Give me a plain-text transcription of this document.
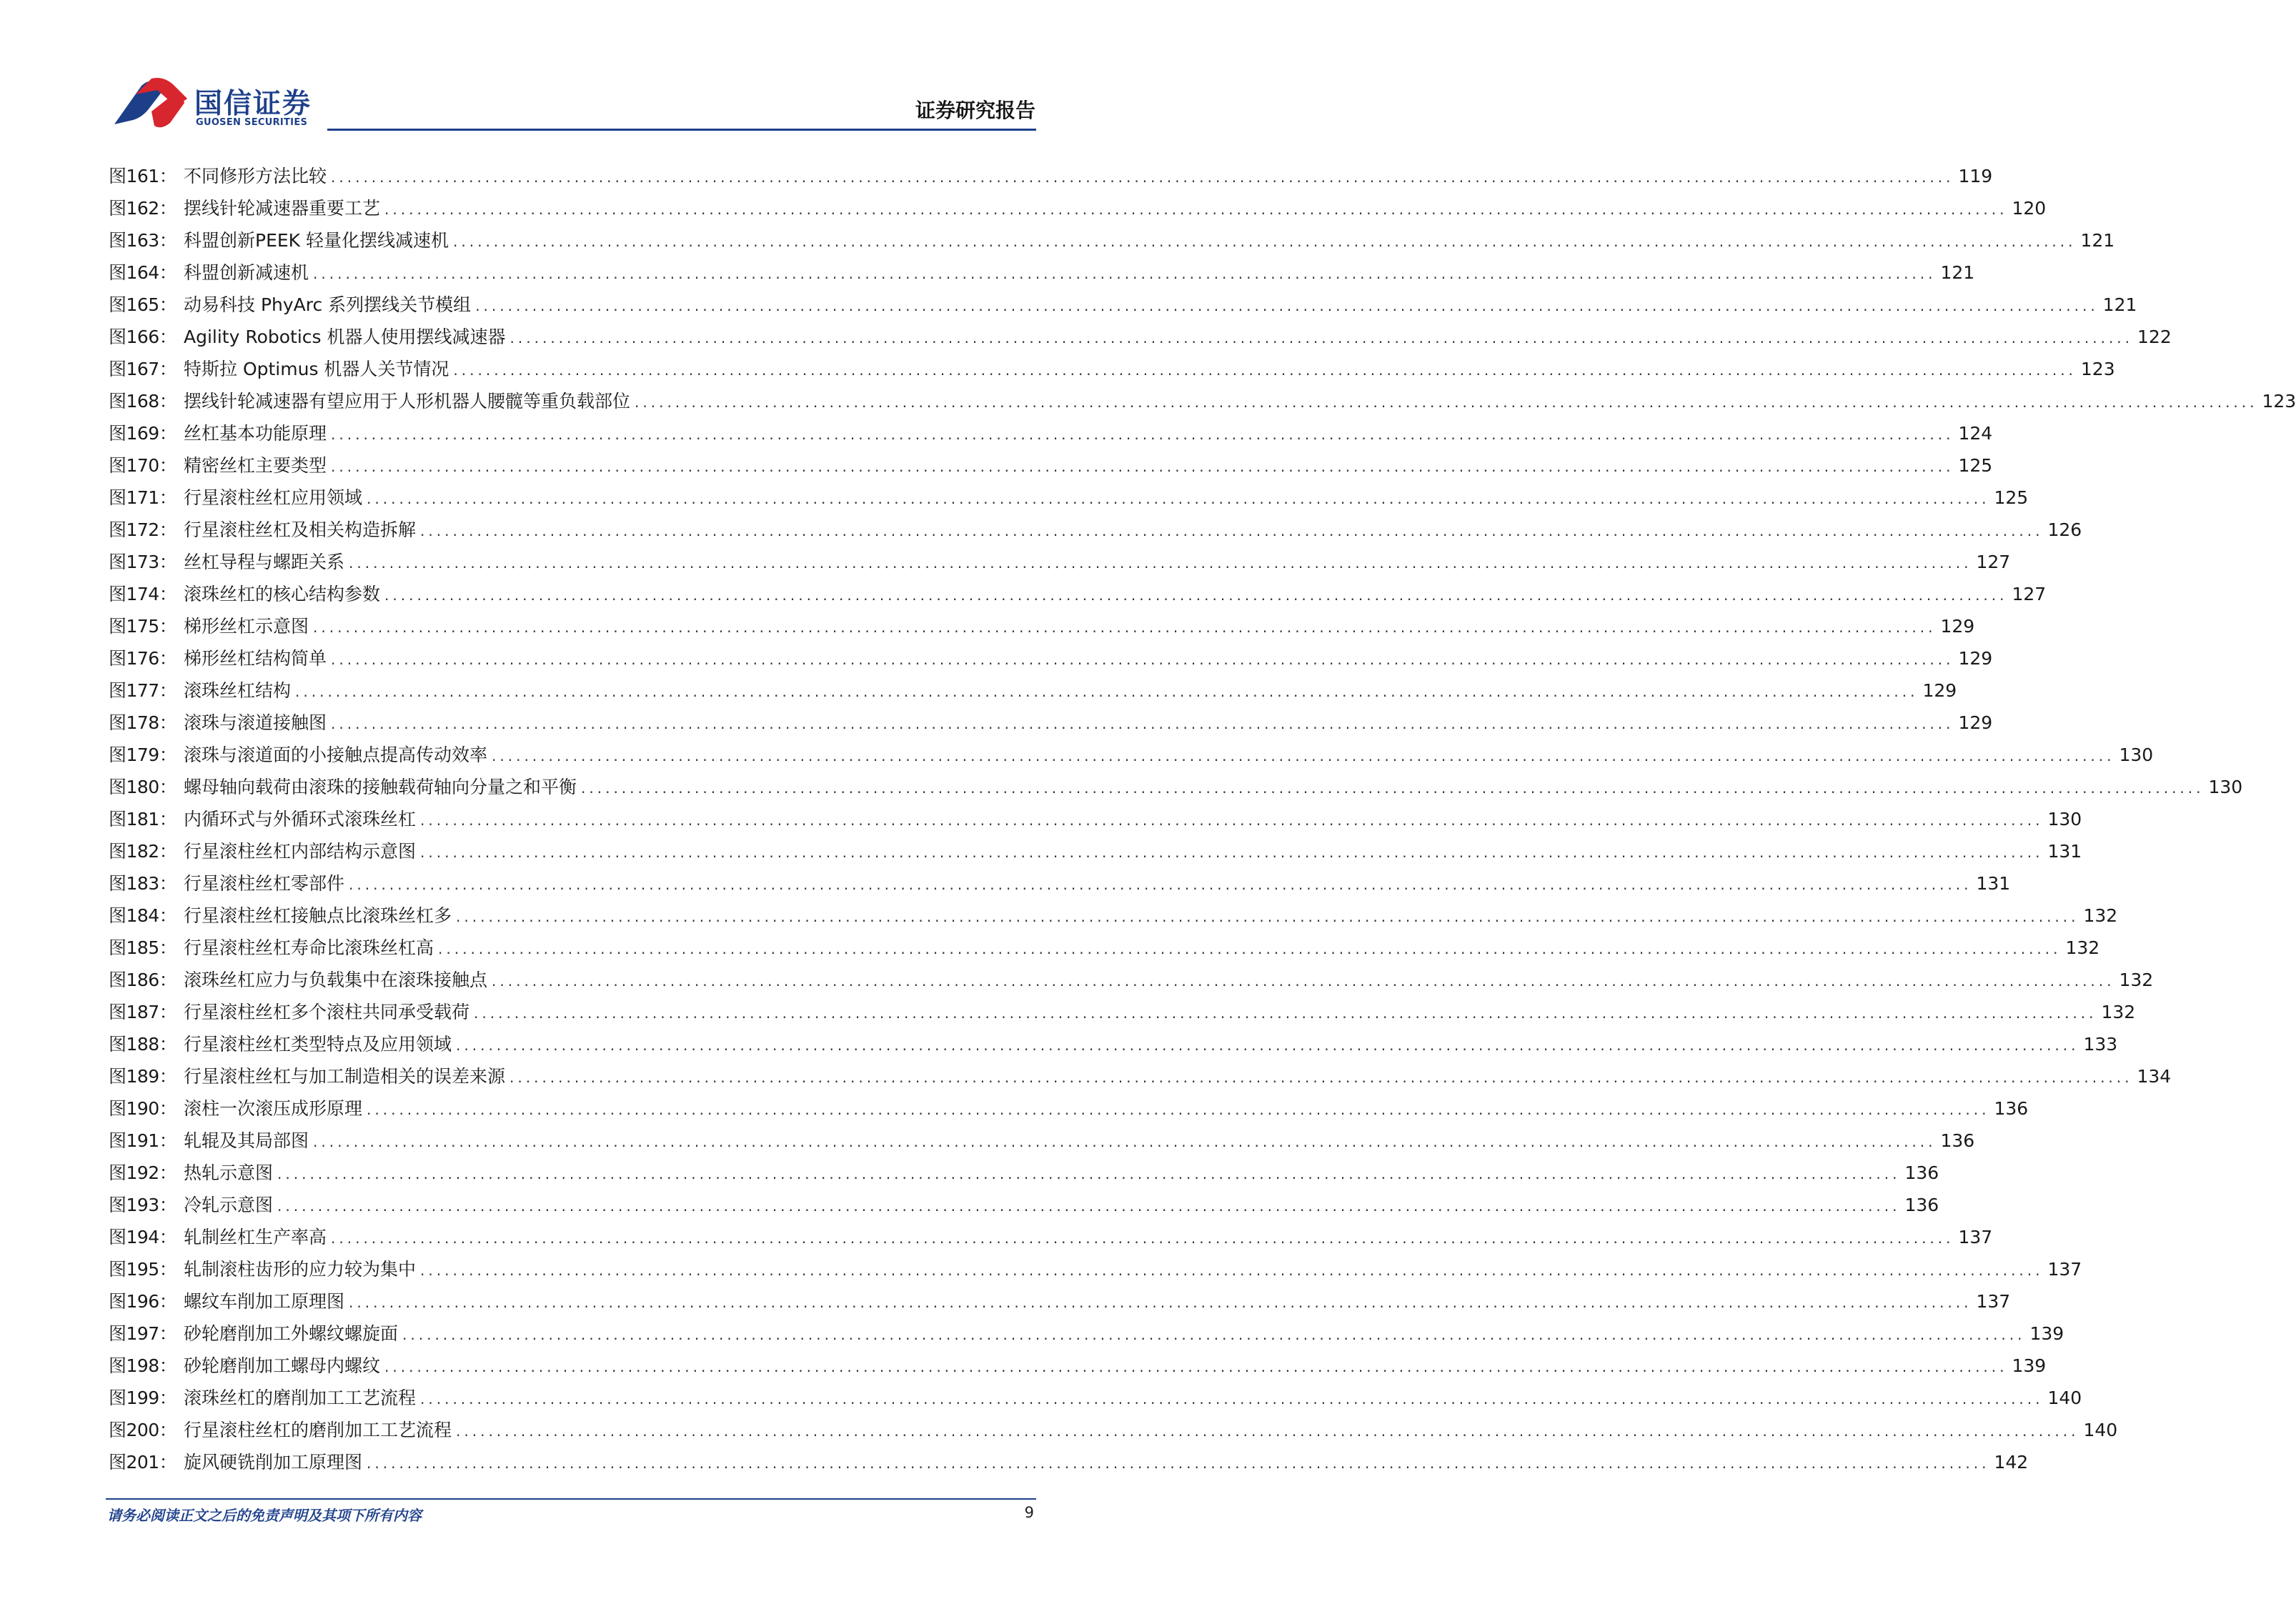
国信证券
GUOSEN SECURITIES
证券研究报告
图161： 不同修形方法比较 ........................................................................................................................................................................................................ 119
图162： 摆线针轮减速器重要工艺 ........................................................................................................................................................................................................ 120
图163： 科盟创新PEEK 轻量化摆线减速机 ........................................................................................................................................................................................................ 121
图164： 科盟创新减速机 ........................................................................................................................................................................................................ 121
图165： 动易科技 PhyArc 系列摆线关节模组 ........................................................................................................................................................................................................ 121
图166： Agility Robotics 机器人使用摆线减速器 ........................................................................................................................................................................................................ 122
图167： 特斯拉 Optimus 机器人关节情况 ........................................................................................................................................................................................................ 123
图168： 摆线针轮减速器有望应用于人形机器人腰髋等重负载部位 ........................................................................................................................................................................................................ 123
图169： 丝杠基本功能原理 ........................................................................................................................................................................................................ 124
图170： 精密丝杠主要类型 ........................................................................................................................................................................................................ 125
图171： 行星滚柱丝杠应用领域 ........................................................................................................................................................................................................ 125
图172： 行星滚柱丝杠及相关构造拆解 ........................................................................................................................................................................................................ 126
图173： 丝杠导程与螺距关系 ........................................................................................................................................................................................................ 127
图174： 滚珠丝杠的核心结构参数 ........................................................................................................................................................................................................ 127
图175： 梯形丝杠示意图 ........................................................................................................................................................................................................ 129
图176： 梯形丝杠结构简单 ........................................................................................................................................................................................................ 129
图177： 滚珠丝杠结构 ........................................................................................................................................................................................................ 129
图178： 滚珠与滚道接触图 ........................................................................................................................................................................................................ 129
图179： 滚珠与滚道面的小接触点提高传动效率 ........................................................................................................................................................................................................ 130
图180： 螺母轴向载荷由滚珠的接触载荷轴向分量之和平衡 ........................................................................................................................................................................................................ 130
图181： 内循环式与外循环式滚珠丝杠 ........................................................................................................................................................................................................ 130
图182： 行星滚柱丝杠内部结构示意图 ........................................................................................................................................................................................................ 131
图183： 行星滚柱丝杠零部件 ........................................................................................................................................................................................................ 131
图184： 行星滚柱丝杠接触点比滚珠丝杠多 ........................................................................................................................................................................................................ 132
图185： 行星滚柱丝杠寿命比滚珠丝杠高 ........................................................................................................................................................................................................ 132
图186： 滚珠丝杠应力与负载集中在滚珠接触点 ........................................................................................................................................................................................................ 132
图187： 行星滚柱丝杠多个滚柱共同承受载荷 ........................................................................................................................................................................................................ 132
图188： 行星滚柱丝杠类型特点及应用领域 ........................................................................................................................................................................................................ 133
图189： 行星滚柱丝杠与加工制造相关的误差来源 ........................................................................................................................................................................................................ 134
图190： 滚柱一次滚压成形原理 ........................................................................................................................................................................................................ 136
图191： 轧辊及其局部图 ........................................................................................................................................................................................................ 136
图192： 热轧示意图 ........................................................................................................................................................................................................ 136
图193： 冷轧示意图 ........................................................................................................................................................................................................ 136
图194： 轧制丝杠生产率高 ........................................................................................................................................................................................................ 137
图195： 轧制滚柱齿形的应力较为集中 ........................................................................................................................................................................................................ 137
图196： 螺纹车削加工原理图 ........................................................................................................................................................................................................ 137
图197： 砂轮磨削加工外螺纹螺旋面 ........................................................................................................................................................................................................ 139
图198： 砂轮磨削加工螺母内螺纹 ........................................................................................................................................................................................................ 139
图199： 滚珠丝杠的磨削加工工艺流程 ........................................................................................................................................................................................................ 140
图200： 行星滚柱丝杠的磨削加工工艺流程 ........................................................................................................................................................................................................ 140
图201： 旋风硬铣削加工原理图 ........................................................................................................................................................................................................ 142
请务必阅读正文之后的免责声明及其项下所有内容	9
